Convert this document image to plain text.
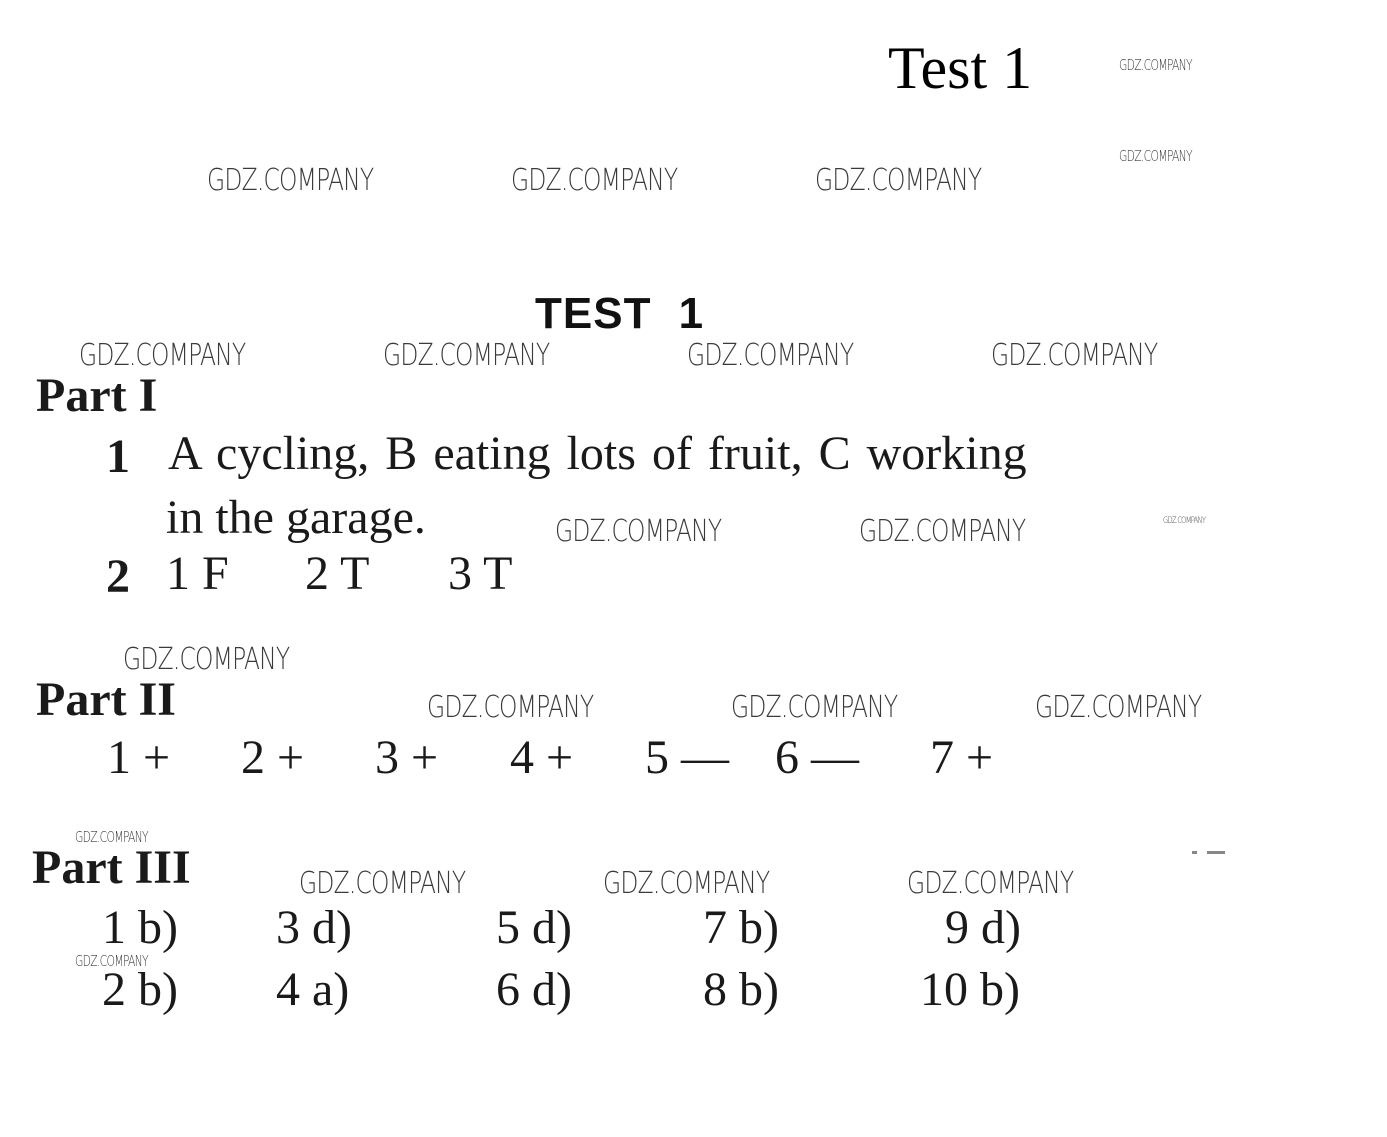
Test 1
TEST 1
Part I
1 A cycling, B eating lots of fruit, C working
in the garage.
2 1 F 2 T 3 T
Part II
1 + 2 + 3 + 4 + 5 — 6 — 7 +
Part III
1 b) 3 d)	5 d)	7 b)	9 d)
2 b) 4 a)	6 d)	8 b)	10 b)
GDZ.COMPANY
GDZ.COMPANY
GDZ.COMPANY	GDZ.COMPANY	GDZ.COMPANY
GDZ.COMPANY	GDZ.COMPANY	GDZ.COMPANY	GDZ.COMPANY
GDZ.COMPANY	GDZ.COMPANY	GDZ.COMPANY
GDZ.COMPANY
GDZ.COMPANY	GDZ.COMPANY	GDZ.COMPANY
GDZ.COMPANY
GDZ.COMPANY	GDZ.COMPANY	GDZ.COMPANY
GDZ.COMPANY
